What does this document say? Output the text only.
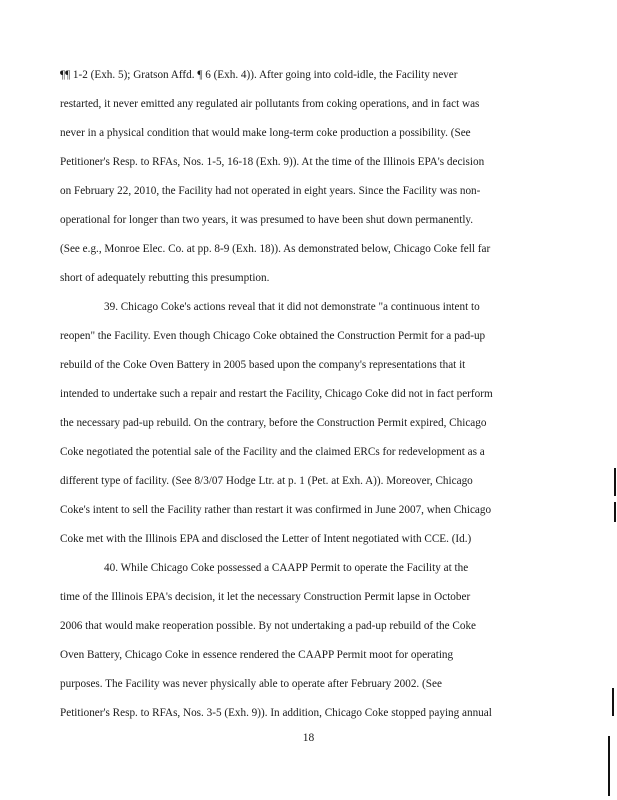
¶¶ 1-2 (Exh. 5); Gratson Affd. ¶ 6 (Exh. 4)). After going into cold-idle, the Facility never
restarted, it never emitted any regulated air pollutants from coking operations, and in fact was
never in a physical condition that would make long-term coke production a possibility. (See
Petitioner's Resp. to RFAs, Nos. 1-5, 16-18 (Exh. 9)). At the time of the Illinois EPA's decision
on February 22, 2010, the Facility had not operated in eight years. Since the Facility was non-
operational for longer than two years, it was presumed to have been shut down permanently.
(See e.g., Monroe Elec. Co. at pp. 8-9 (Exh. 18)). As demonstrated below, Chicago Coke fell far
short of adequately rebutting this presumption.
39. Chicago Coke's actions reveal that it did not demonstrate "a continuous intent to
reopen" the Facility. Even though Chicago Coke obtained the Construction Permit for a pad-up
rebuild of the Coke Oven Battery in 2005 based upon the company's representations that it
intended to undertake such a repair and restart the Facility, Chicago Coke did not in fact perform
the necessary pad-up rebuild. On the contrary, before the Construction Permit expired, Chicago
Coke negotiated the potential sale of the Facility and the claimed ERCs for redevelopment as a
different type of facility. (See 8/3/07 Hodge Ltr. at p. 1 (Pet. at Exh. A)). Moreover, Chicago
Coke's intent to sell the Facility rather than restart it was confirmed in June 2007, when Chicago
Coke met with the Illinois EPA and disclosed the Letter of Intent negotiated with CCE. (Id.)
40. While Chicago Coke possessed a CAAPP Permit to operate the Facility at the
time of the Illinois EPA's decision, it let the necessary Construction Permit lapse in October
2006 that would make reoperation possible. By not undertaking a pad-up rebuild of the Coke
Oven Battery, Chicago Coke in essence rendered the CAAPP Permit moot for operating
purposes. The Facility was never physically able to operate after February 2002. (See
Petitioner's Resp. to RFAs, Nos. 3-5 (Exh. 9)). In addition, Chicago Coke stopped paying annual
18
